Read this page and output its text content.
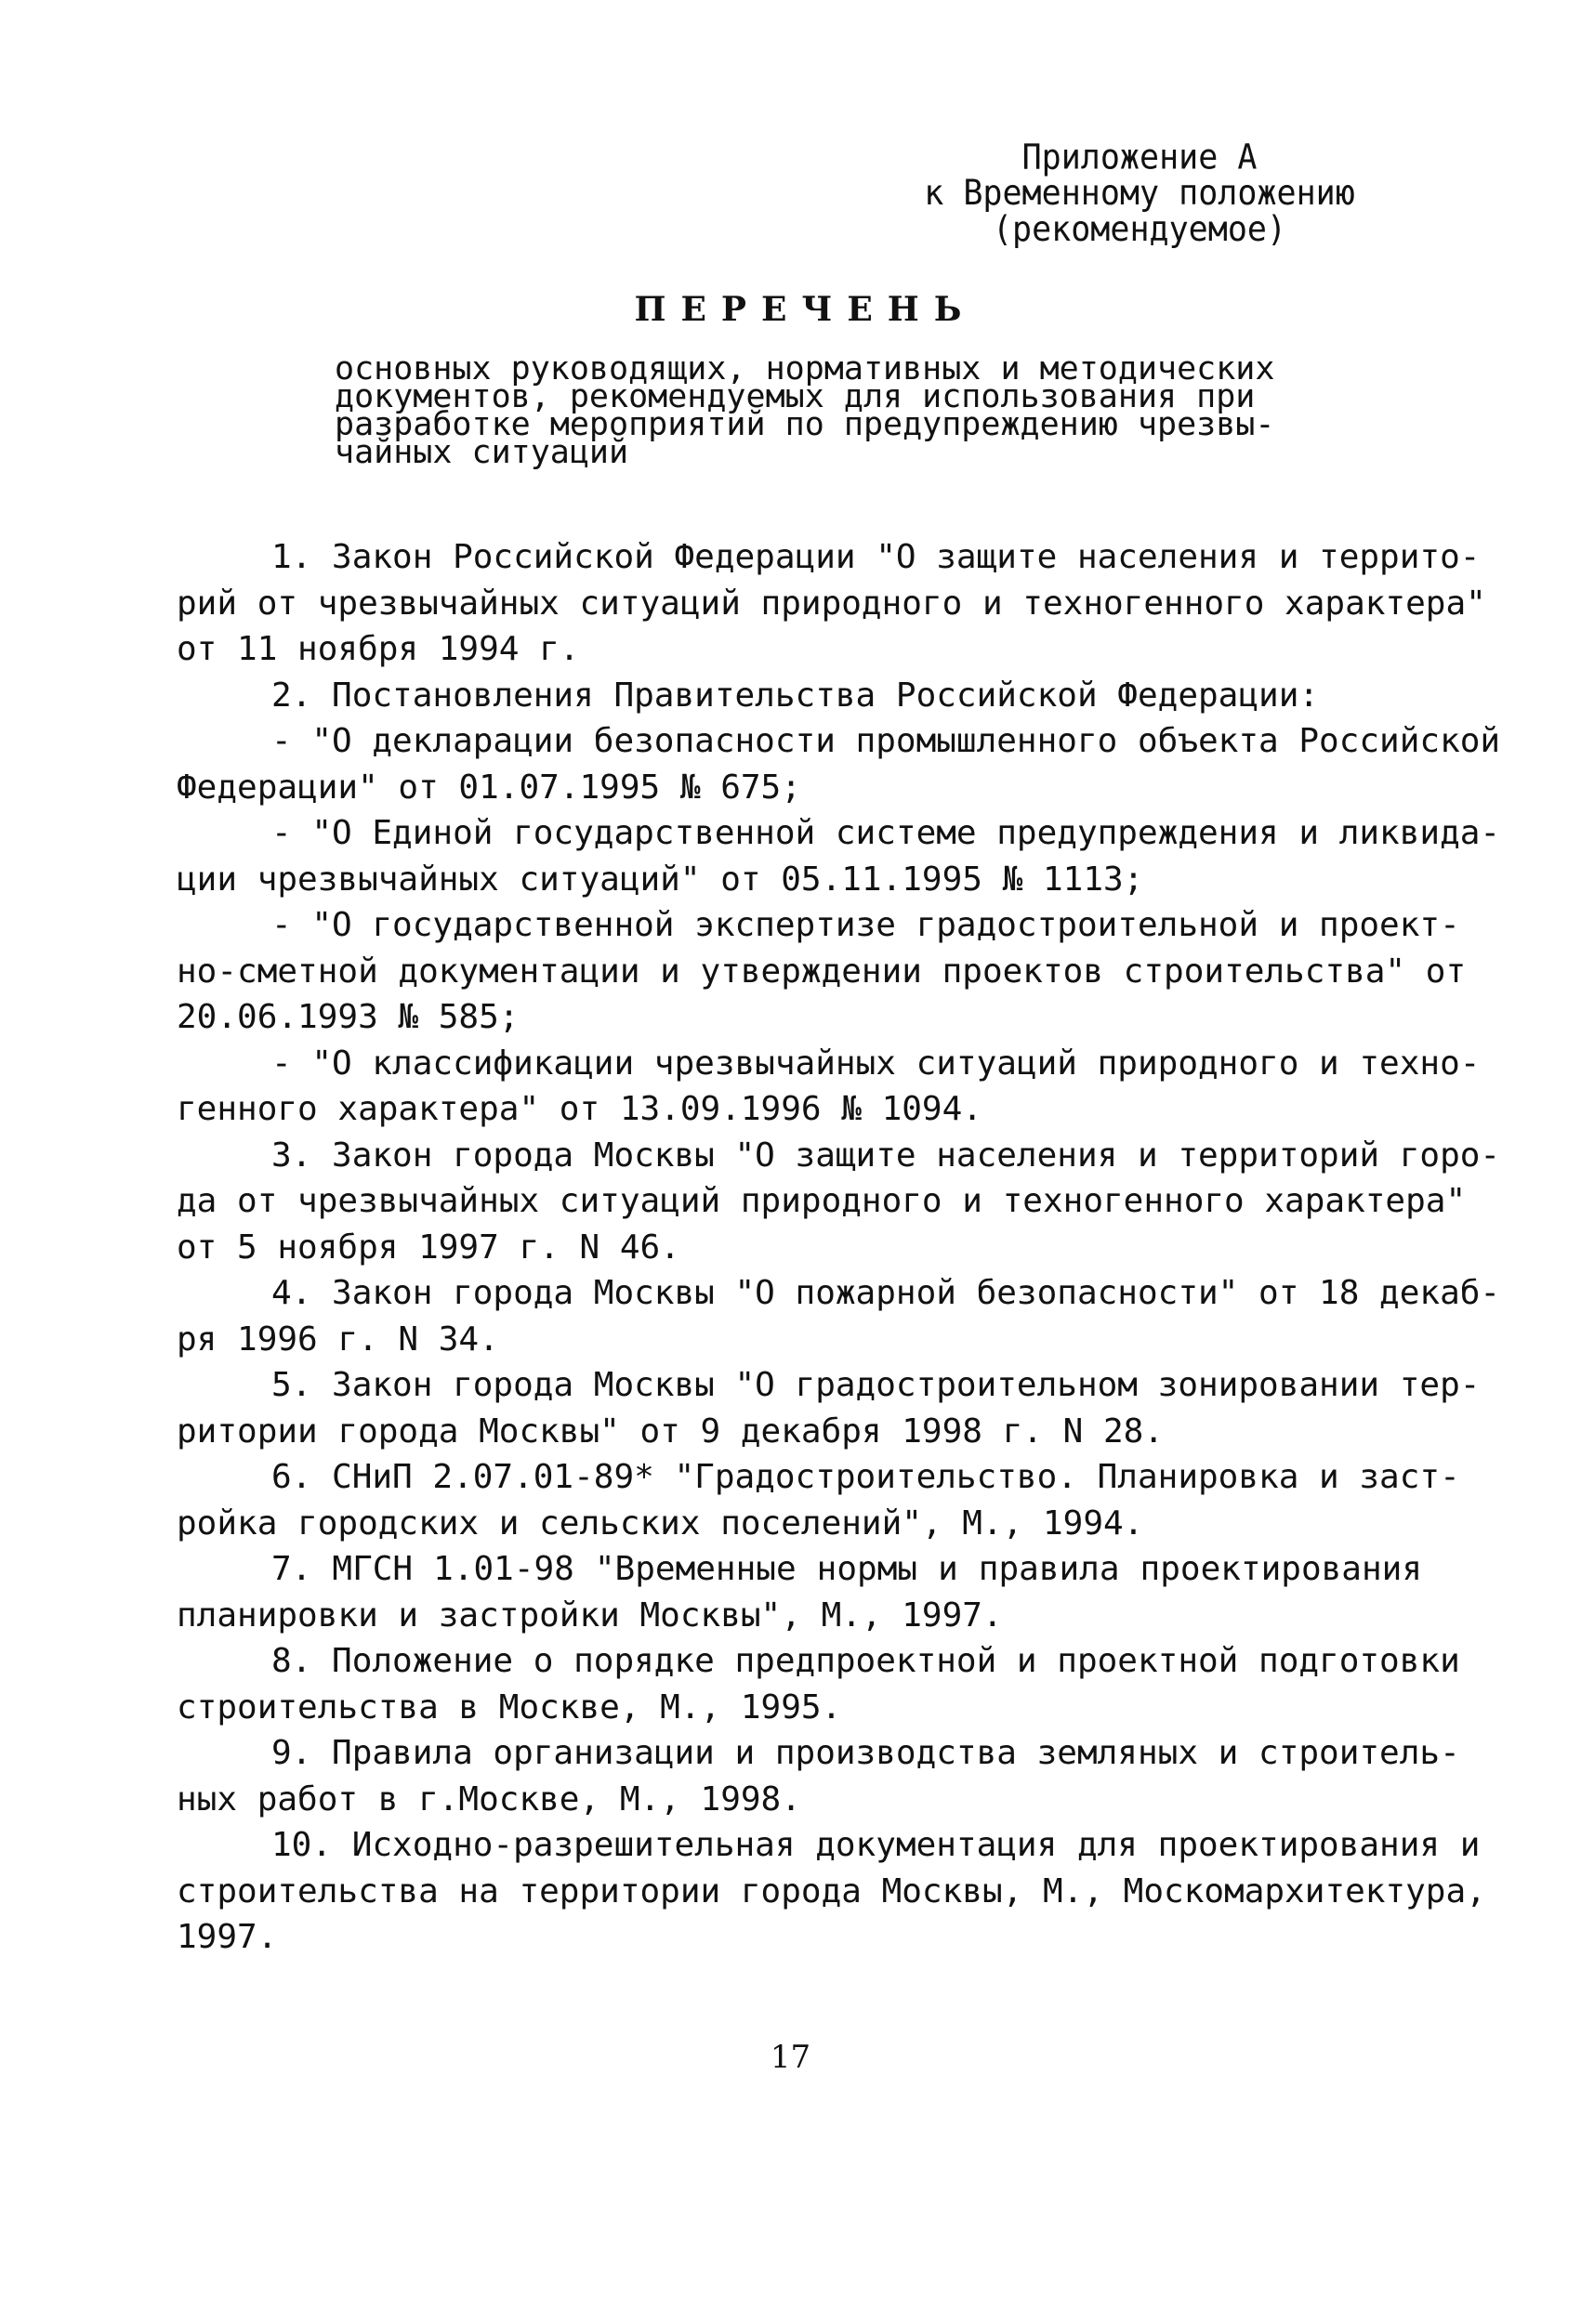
Приложение А
к Временному положению
(рекомендуемое)
ПЕРЕЧЕНЬ
основных руководящих, нормативных и методических
документов, рекомендуемых для использования при
разработке мероприятий по предупреждению чрезвы-
чайных ситуаций
1. Закон Российской Федерации "О защите населения и террито-
рий от чрезвычайных ситуаций природного и техногенного характера"
от 11 ноября 1994 г.
2. Постановления Правительства Российской Федерации:
- "О декларации безопасности промышленного объекта Российской
Федерации" от 01.07.1995 № 675;
- "О Единой государственной системе предупреждения и ликвида-
ции чрезвычайных ситуаций" от 05.11.1995 № 1113;
- "О государственной экспертизе градостроительной и проект-
но-сметной документации и утверждении проектов строительства" от
20.06.1993 № 585;
- "О классификации чрезвычайных ситуаций природного и техно-
генного характера" от 13.09.1996 № 1094.
3. Закон города Москвы "О защите населения и территорий горо-
да от чрезвычайных ситуаций природного и техногенного характера"
от 5 ноября 1997 г. N 46.
4. Закон города Москвы "О пожарной безопасности" от 18 декаб-
ря 1996 г. N 34.
5. Закон города Москвы "О градостроительном зонировании тер-
ритории города Москвы" от 9 декабря 1998 г. N 28.
6. СНиП 2.07.01-89* "Градостроительство. Планировка и заст-
ройка городских и сельских поселений", М., 1994.
7. МГСН 1.01-98 "Временные нормы и правила проектирования
планировки и застройки Москвы", М., 1997.
8. Положение о порядке предпроектной и проектной подготовки
строительства в Москве, М., 1995.
9. Правила организации и производства земляных и строитель-
ных работ в г.Москве, М., 1998.
10. Исходно-разрешительная документация для проектирования и
строительства на территории города Москвы, М., Москомархитектура,
1997.
17
